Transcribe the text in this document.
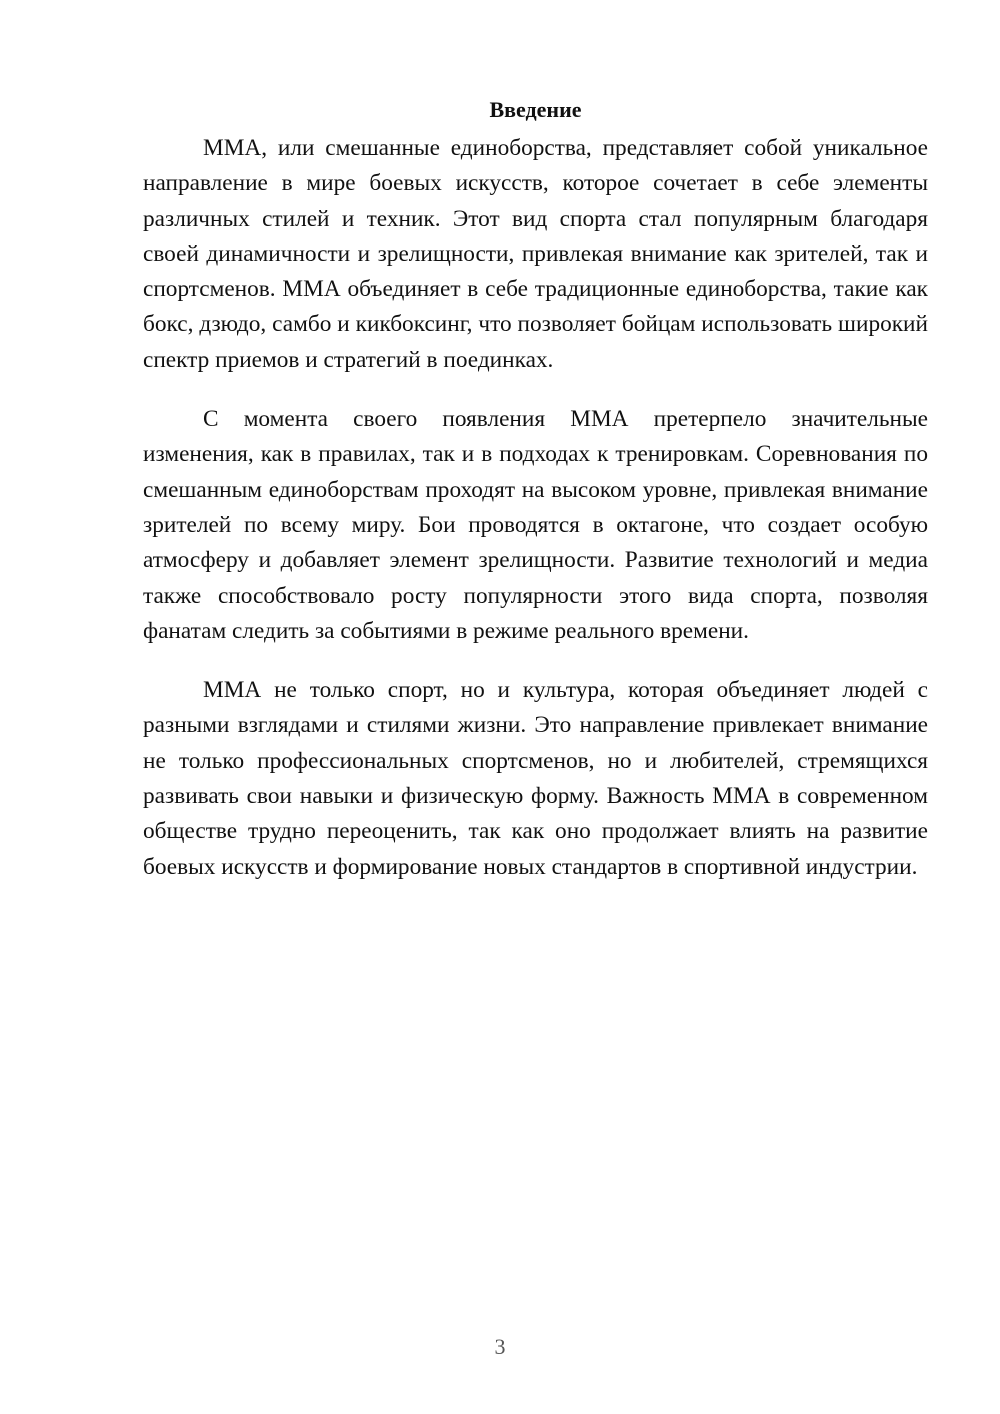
Введение

ММА, или смешанные единоборства, представляет собой уникальное направление в мире боевых искусств, которое сочетает в себе элементы различных стилей и техник. Этот вид спорта стал популярным благодаря своей динамичности и зрелищности, привлекая внимание как зрителей, так и спортсменов. ММА объединяет в себе традиционные единоборства, такие как бокс, дзюдо, самбо и кикбоксинг, что позволяет бойцам использовать широкий спектр приемов и стратегий в поединках.

С момента своего появления ММА претерпело значительные изменения, как в правилах, так и в подходах к тренировкам. Соревнования по смешанным единоборствам проходят на высоком уровне, привлекая внимание зрителей по всему миру. Бои проводятся в октагоне, что создает особую атмосферу и добавляет элемент зрелищности. Развитие технологий и медиа также способствовало росту популярности этого вида спорта, позволяя фанатам следить за событиями в режиме реального времени.

ММА не только спорт, но и культура, которая объединяет людей с разными взглядами и стилями жизни. Это направление привлекает внимание не только профессиональных спортсменов, но и любителей, стремящихся развивать свои навыки и физическую форму. Важность ММА в современном обществе трудно переоценить, так как оно продолжает влиять на развитие боевых искусств и формирование новых стандартов в спортивной индустрии.

3
